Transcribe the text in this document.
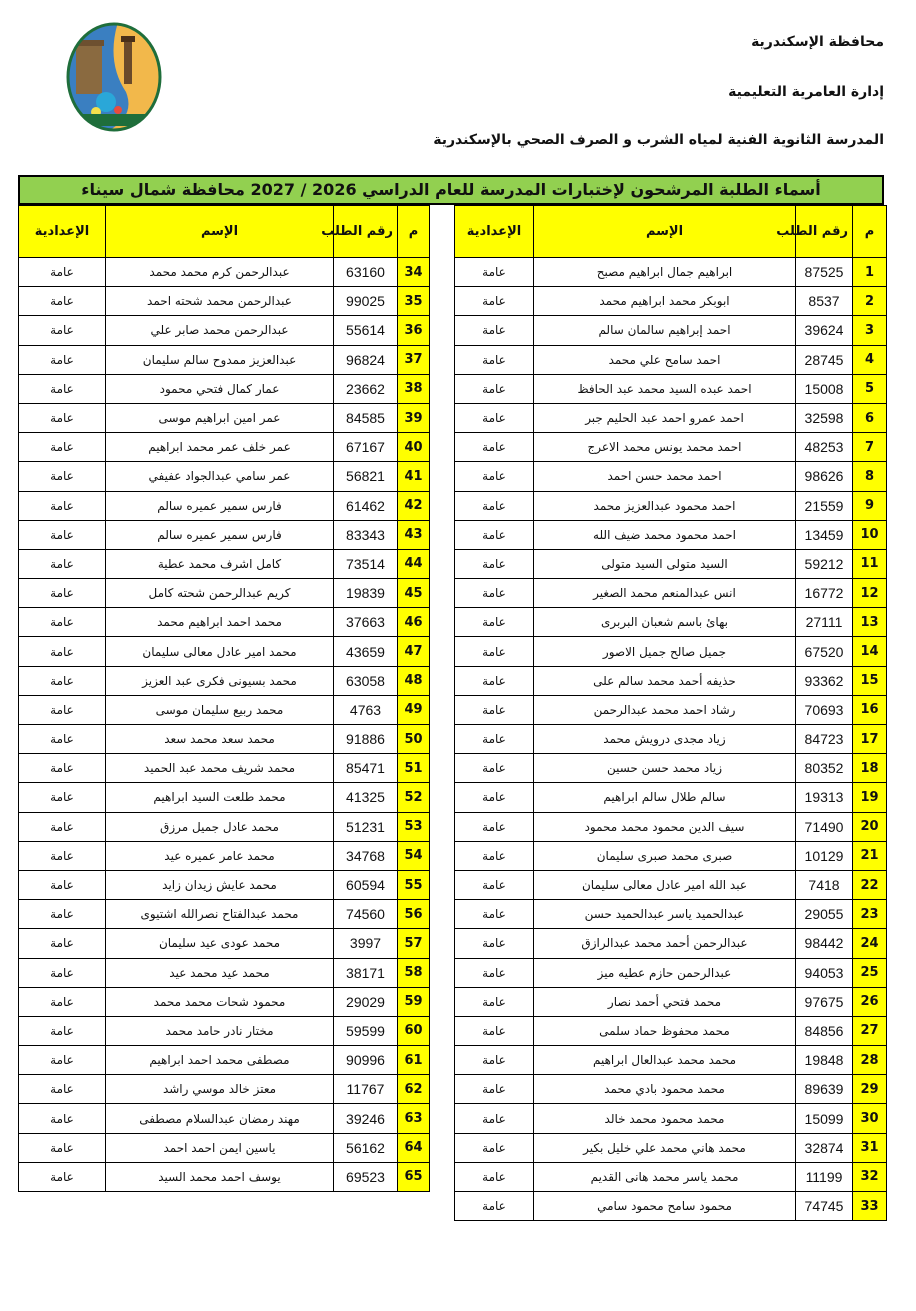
محافظة الإسكندرية
إدارة العامرية التعليمية
المدرسة الثانوية الفنية لمياه الشرب و الصرف الصحي بالإسكندرية
أسماء الطلبة المرشحون لإختبارات المدرسة للعام الدراسي 2026 / 2027 محافظة شمال سيناء
م	رقم الطلب	الإسم	الإعدادية
1	87525	ابراهيم جمال ابراهيم مصبح	عامة
2	8537	ابوبكر محمد ابراهيم محمد	عامة
3	39624	احمد إبراهيم سالمان سالم	عامة
4	28745	احمد سامح علي محمد	عامة
5	15008	احمد عبده السيد محمد عبد الحافظ	عامة
6	32598	احمد عمرو احمد عبد الحليم جبر	عامة
7	48253	احمد محمد يونس محمد الاعرج	عامة
8	98626	احمد محمد حسن احمد	عامة
9	21559	احمد محمود عبدالعزيز محمد	عامة
10	13459	احمد محمود محمد ضيف الله	عامة
11	59212	السيد متولى السيد متولى	عامة
12	16772	انس عبدالمنعم محمد الصغير	عامة
13	27111	بهائ باسم شعبان البربرى	عامة
14	67520	جميل صالح جميل الاصور	عامة
15	93362	حذيفه أحمد محمد سالم على	عامة
16	70693	رشاد احمد محمد عبدالرحمن	عامة
17	84723	زياد مجدى درويش محمد	عامة
18	80352	زياد محمد حسن حسين	عامة
19	19313	سالم طلال سالم ابراهيم	عامة
20	71490	سيف الدين محمود محمد محمود	عامة
21	10129	صبرى محمد صبرى سليمان	عامة
22	7418	عبد الله امير عادل معالى سليمان	عامة
23	29055	عبدالحميد ياسر عبدالحميد حسن	عامة
24	98442	عبدالرحمن أحمد محمد عبدالرازق	عامة
25	94053	عبدالرحمن حازم عطيه ميز	عامة
26	97675	محمد فتحي أحمد نصار	عامة
27	84856	محمد محفوظ حماد سلمى	عامة
28	19848	محمد محمد عبدالعال ابراهيم	عامة
29	89639	محمد محمود بادي محمد	عامة
30	15099	محمد محمود محمد خالد	عامة
31	32874	محمد هاني محمد علي خليل بكير	عامة
32	11199	محمد ياسر محمد هانى القديم	عامة
33	74745	محمود سامح محمود سامي	عامة
م	رقم الطلب	الإسم	الإعدادية
34	63160	عبدالرحمن كرم محمد محمد	عامة
35	99025	عبدالرحمن محمد شحته احمد	عامة
36	55614	عبدالرحمن محمد صابر علي	عامة
37	96824	عبدالعزيز ممدوح سالم سليمان	عامة
38	23662	عمار كمال فتحي محمود	عامة
39	84585	عمر امين ابراهيم موسى	عامة
40	67167	عمر خلف عمر محمد ابراهيم	عامة
41	56821	عمر سامي عبدالجواد عفيفي	عامة
42	61462	فارس سمير عميره سالم	عامة
43	83343	فارس سمير عميره سالم	عامة
44	73514	كامل اشرف محمد عطية	عامة
45	19839	كريم عبدالرحمن شحته كامل	عامة
46	37663	محمد احمد ابراهيم محمد	عامة
47	43659	محمد امير عادل معالى سليمان	عامة
48	63058	محمد بسيونى فكرى عبد العزيز	عامة
49	4763	محمد ربيع سليمان موسى	عامة
50	91886	محمد سعد محمد سعد	عامة
51	85471	محمد شريف محمد عبد الحميد	عامة
52	41325	محمد طلعت السيد ابراهيم	عامة
53	51231	محمد عادل جميل مرزق	عامة
54	34768	محمد عامر عميره عيد	عامة
55	60594	محمد عايش زيدان زايد	عامة
56	74560	محمد عبدالفتاح نصرالله اشتيوى	عامة
57	3997	محمد عودى عيد سليمان	عامة
58	38171	محمد عيد محمد عيد	عامة
59	29029	محمود شحات محمد محمد	عامة
60	59599	مختار نادر حامد محمد	عامة
61	90996	مصطفى محمد احمد ابراهيم	عامة
62	11767	معتز خالد موسي راشد	عامة
63	39246	مهند رمضان عبدالسلام مصطفى	عامة
64	56162	ياسين ايمن احمد احمد	عامة
65	69523	يوسف احمد محمد السيد	عامة
